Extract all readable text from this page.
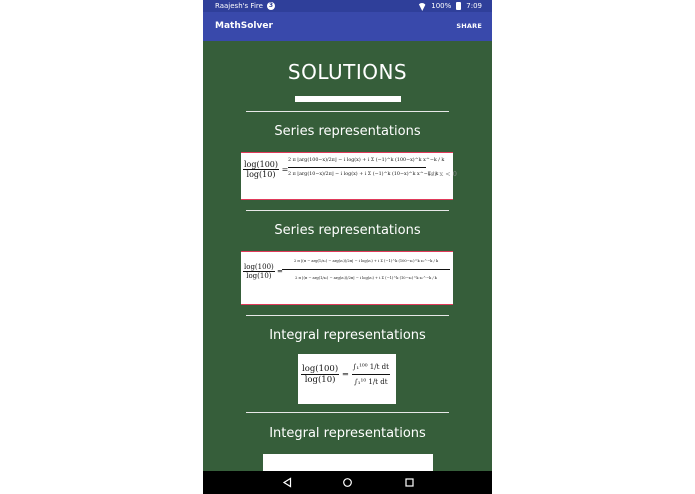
Raajesh's Fire 3	100% 7:09
MathSolver	SHARE
SOLUTIONS
Series representations
$\frac{\log(100)}{\log(10)}$ =
2 π ⌊arg(100−x)/2π⌋ − i log(x) + i Σ (−1)^k (100−x)^k x^−k / k
2 π ⌊arg(10−x)/2π⌋ − i log(x) + i Σ (−1)^k (10−x)^k x^−k / k
for x < 0
Series representations
$\frac{\log(100)}{\log(10)}$ =
2 π ⌊(π − arg(1/z₀) − arg(z₀))/2π⌋ − i log(z₀) + i Σ (−1)^k (100−z₀)^k z₀^−k / k
2 π ⌊(π − arg(1/z₀) − arg(z₀))/2π⌋ − i log(z₀) + i Σ (−1)^k (10−z₀)^k z₀^−k / k
Integral representations
$\frac{\log(100)}{\log(10)} = \frac{\text{∫₁¹⁰⁰ 1/t dt}}{\text{∫₁¹⁰ 1/t dt}}$
Integral representations
